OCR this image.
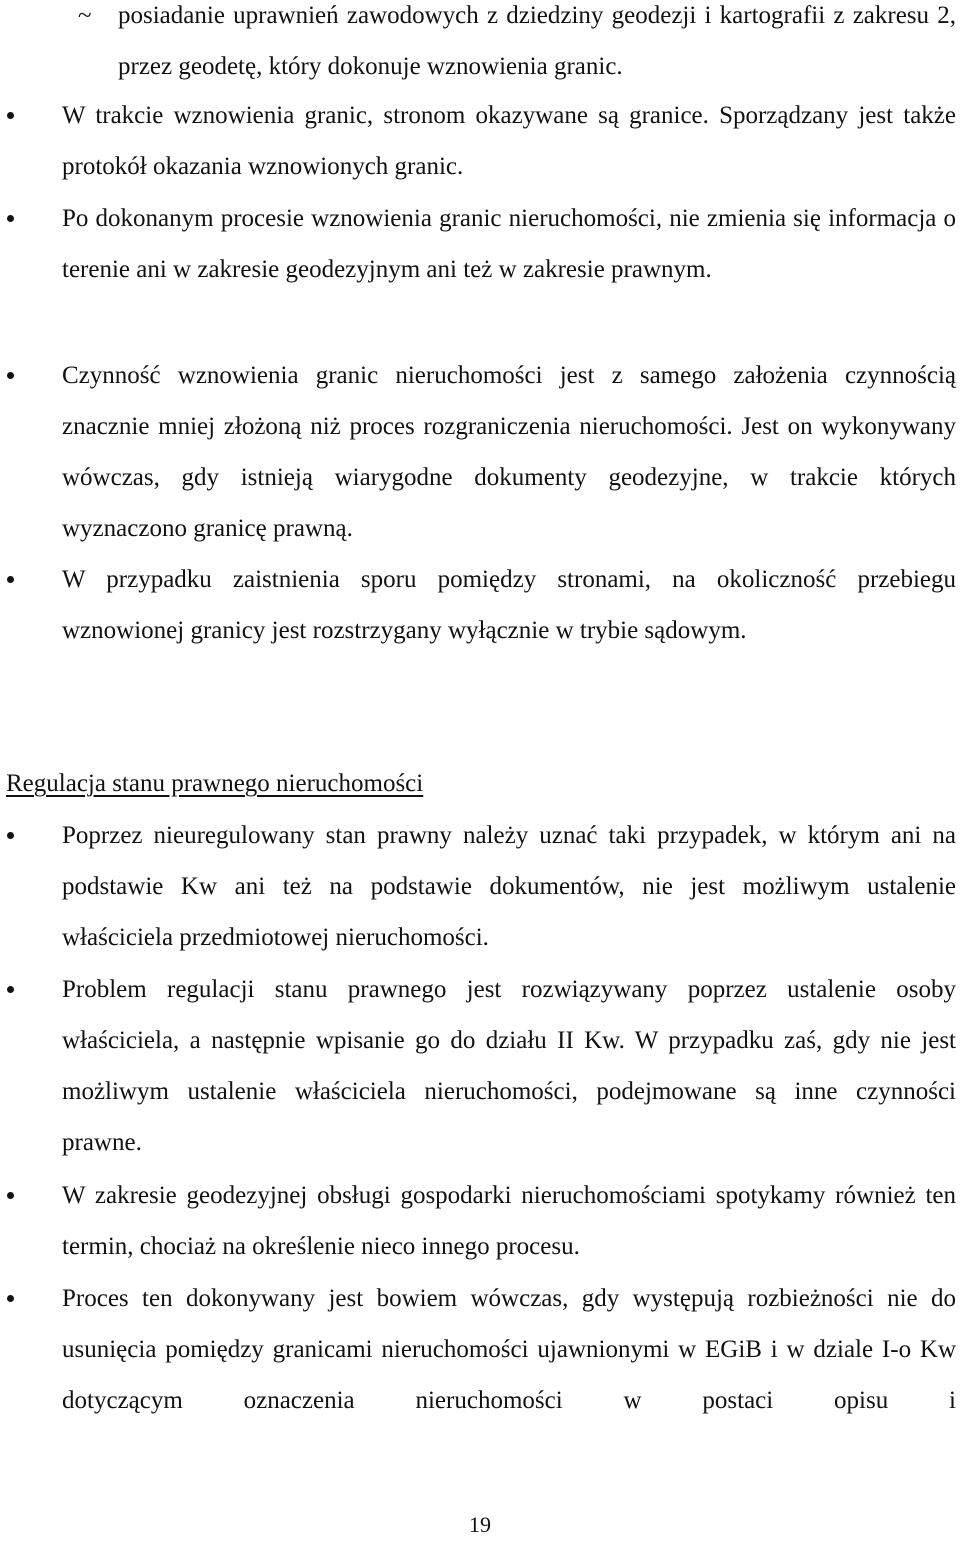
~ posiadanie uprawnień zawodowych z dziedziny geodezji i kartografii z zakresu 2, przez geodetę, który dokonuje wznowienia granic.
W trakcie wznowienia granic, stronom okazywane są granice. Sporządzany jest także protokół okazania wznowionych granic.
Po dokonanym procesie wznowienia granic nieruchomości, nie zmienia się informacja o terenie ani w zakresie geodezyjnym ani też w zakresie prawnym.
Czynność wznowienia granic nieruchomości jest z samego założenia czynnością znacznie mniej złożoną niż proces rozgraniczenia nieruchomości. Jest on wykonywany wówczas, gdy istnieją wiarygodne dokumenty geodezyjne, w trakcie których wyznaczono granicę prawną.
W przypadku zaistnienia sporu pomiędzy stronami, na okoliczność przebiegu wznowionej granicy jest rozstrzygany wyłącznie w trybie sądowym.
Regulacja stanu prawnego nieruchomości
Poprzez nieuregulowany stan prawny należy uznać taki przypadek, w którym ani na podstawie Kw ani też na podstawie dokumentów, nie jest możliwym ustalenie właściciela przedmiotowej nieruchomości.
Problem regulacji stanu prawnego jest rozwiązywany poprzez ustalenie osoby właściciela, a następnie wpisanie go do działu II Kw. W przypadku zaś, gdy nie jest możliwym ustalenie właściciela nieruchomości, podejmowane są inne czynności prawne.
W zakresie geodezyjnej obsługi gospodarki nieruchomościami spotykamy również ten termin, chociaż na określenie nieco innego procesu.
Proces ten dokonywany jest bowiem wówczas, gdy występują rozbieżności nie do usunięcia pomiędzy granicami nieruchomości ujawnionymi w EGiB i w dziale I-o Kw dotyczącym oznaczenia nieruchomości w postaci opisu i
19
